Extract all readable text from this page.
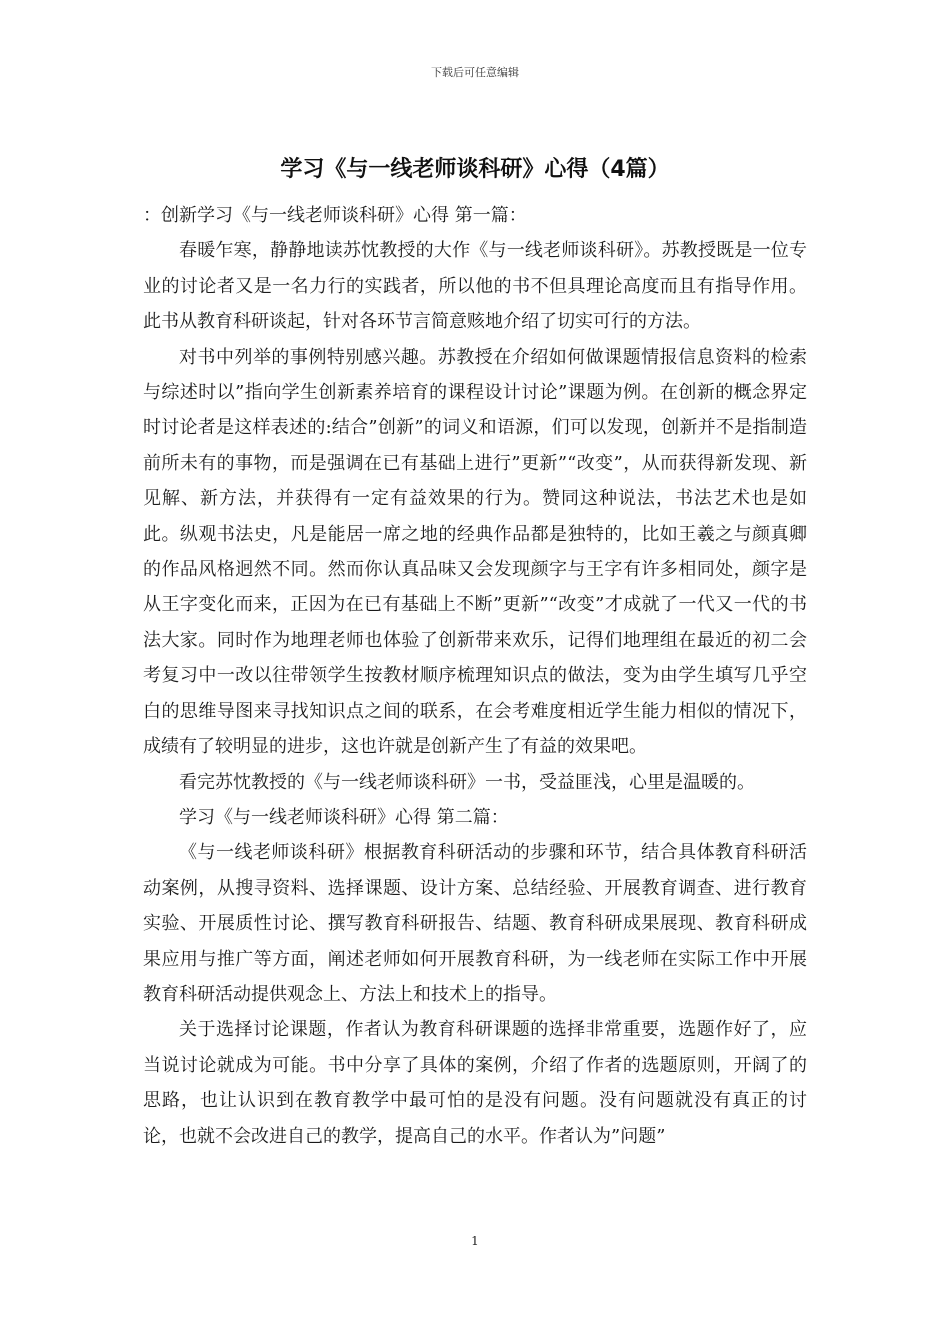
下载后可任意编辑
学习《与一线老师谈科研》心得（4篇）

：创新学习《与一线老师谈科研》心得 第一篇：

春暖乍寒，静静地读苏忱教授的大作《与一线老师谈科研》。苏教授既是一位专业的讨论者又是一名力行的实践者，所以他的书不但具理论高度而且有指导作用。此书从教育科研谈起，针对各环节言简意赅地介绍了切实可行的方法。

对书中列举的事例特别感兴趣。苏教授在介绍如何做课题情报信息资料的检索与综述时以”指向学生创新素养培育的课程设计讨论”课题为例。在创新的概念界定时讨论者是这样表述的:结合”创新”的词义和语源，们可以发现，创新并不是指制造前所未有的事物，而是强调在已有基础上进行”更新”“改变”，从而获得新发现、新见解、新方法，并获得有一定有益效果的行为。赞同这种说法，书法艺术也是如此。纵观书法史，凡是能居一席之地的经典作品都是独特的，比如王羲之与颜真卿的作品风格迥然不同。然而你认真品味又会发现颜字与王字有许多相同处，颜字是从王字变化而来，正因为在已有基础上不断”更新”“改变”才成就了一代又一代的书法大家。同时作为地理老师也体验了创新带来欢乐，记得们地理组在最近的初二会考复习中一改以往带领学生按教材顺序梳理知识点的做法，变为由学生填写几乎空白的思维导图来寻找知识点之间的联系，在会考难度相近学生能力相似的情况下，成绩有了较明显的进步，这也许就是创新产生了有益的效果吧。

看完苏忱教授的《与一线老师谈科研》一书，受益匪浅，心里是温暖的。

学习《与一线老师谈科研》心得 第二篇：

《与一线老师谈科研》根据教育科研活动的步骤和环节，结合具体教育科研活动案例，从搜寻资料、选择课题、设计方案、总结经验、开展教育调查、进行教育实验、开展质性讨论、撰写教育科研报告、结题、教育科研成果展现、教育科研成果应用与推广等方面，阐述老师如何开展教育科研，为一线老师在实际工作中开展教育科研活动提供观念上、方法上和技术上的指导。

关于选择讨论课题，作者认为教育科研课题的选择非常重要，选题作好了，应当说讨论就成为可能。书中分享了具体的案例，介绍了作者的选题原则，开阔了的思路，也让认识到在教育教学中最可怕的是没有问题。没有问题就没有真正的讨论，也就不会改进自己的教学，提高自己的水平。作者认为”问题”

1
